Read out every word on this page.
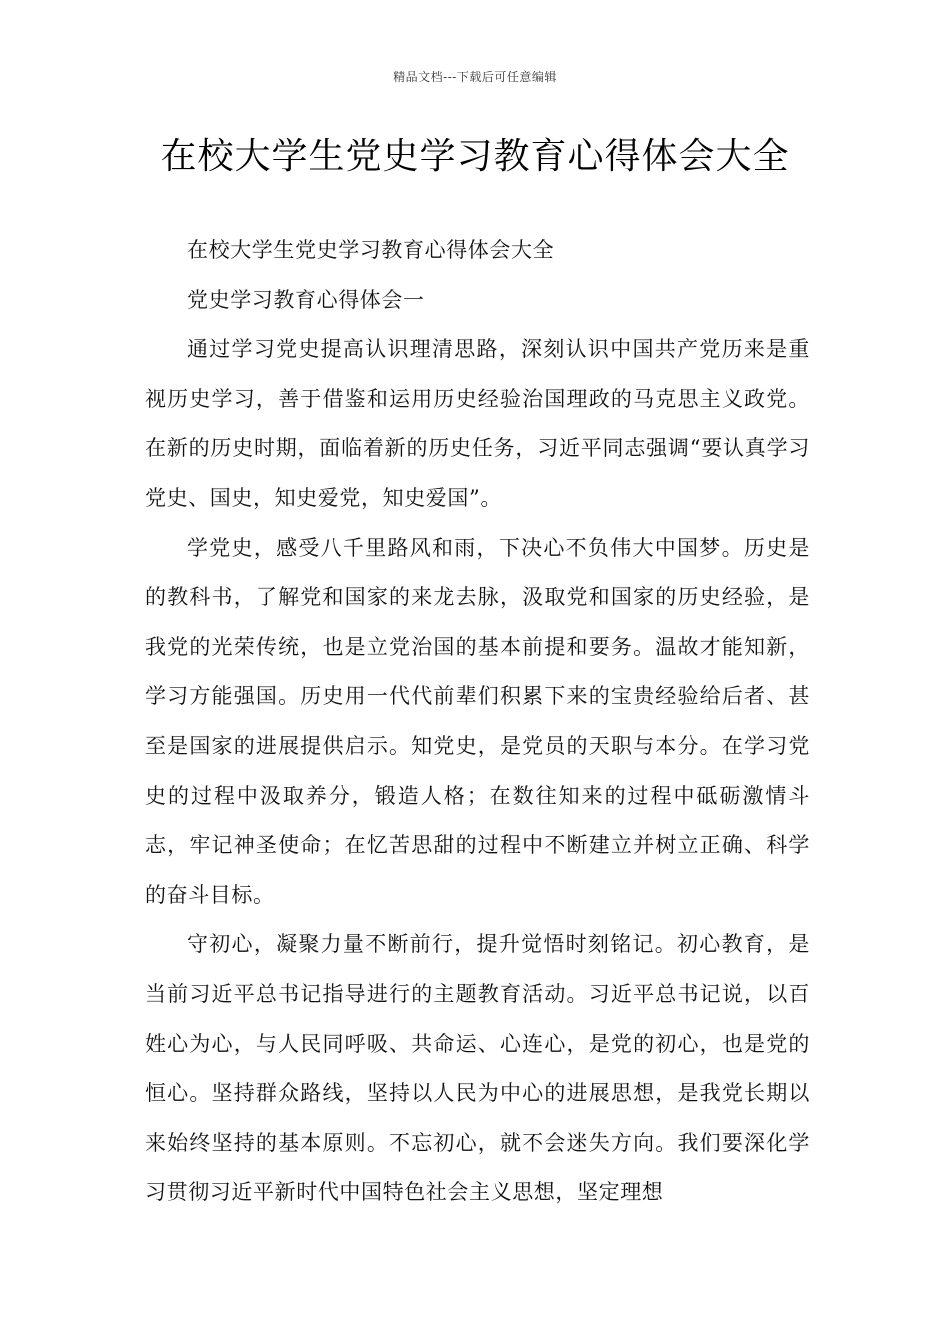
精品文档---下载后可任意编辑
在校大学生党史学习教育心得体会大全

在校大学生党史学习教育心得体会大全

党史学习教育心得体会一

通过学习党史提高认识理清思路，深刻认识中国共产党历来是重视历史学习，善于借鉴和运用历史经验治国理政的马克思主义政党。在新的历史时期，面临着新的历史任务，习近平同志强调“要认真学习党史、国史，知史爱党，知史爱国”。

学党史，感受八千里路风和雨，下决心不负伟大中国梦。历史是的教科书，了解党和国家的来龙去脉，汲取党和国家的历史经验，是我党的光荣传统，也是立党治国的基本前提和要务。温故才能知新，学习方能强国。历史用一代代前辈们积累下来的宝贵经验给后者、甚至是国家的进展提供启示。知党史，是党员的天职与本分。在学习党史的过程中汲取养分，锻造人格；在数往知来的过程中砥砺激情斗志，牢记神圣使命；在忆苦思甜的过程中不断建立并树立正确、科学的奋斗目标。

守初心，凝聚力量不断前行，提升觉悟时刻铭记。初心教育，是当前习近平总书记指导进行的主题教育活动。习近平总书记说，以百姓心为心，与人民同呼吸、共命运、心连心，是党的初心，也是党的恒心。坚持群众路线，坚持以人民为中心的进展思想，是我党长期以来始终坚持的基本原则。不忘初心，就不会迷失方向。我们要深化学习贯彻习近平新时代中国特色社会主义思想，坚定理想
